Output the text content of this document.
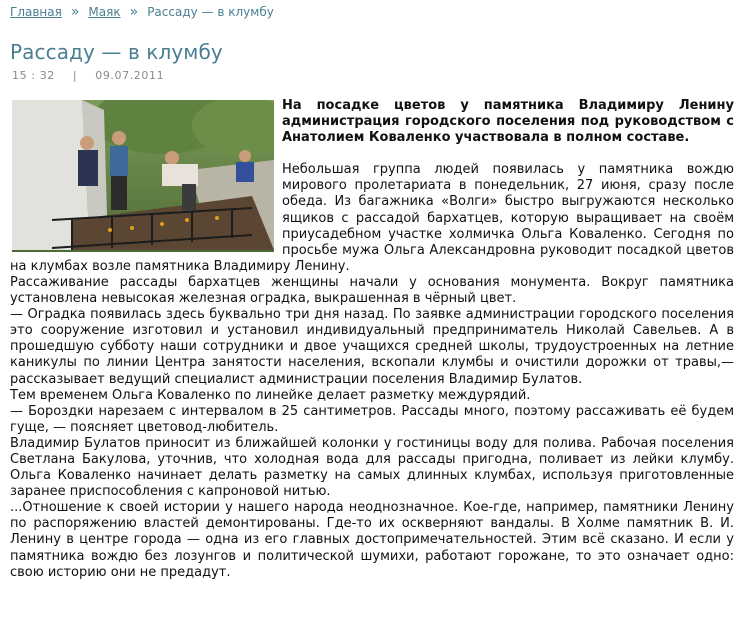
Главная » Маяк » Рассаду — в клумбу
Рассаду — в клумбу
15 : 32 | 09.07.2011

На посадке цветов у памятника Владимиру Ленину администрация городского поселения под руководством с Анатолием Коваленко участвовала в полном составе.

Небольшая группа людей появилась у памятника вождю мирового пролетариата в понедельник, 27 июня, сразу после обеда. Из багажника «Волги» быстро выгружаются несколько ящиков с рассадой бархатцев, которую выращивает на своём приусадебном участке холмичка Ольга Коваленко. Сегодня по просьбе мужа Ольга Александровна руководит посадкой цветов на клумбах возле памятника Владимиру Ленину.

Рассаживание рассады бархатцев женщины начали у основания монумента. Вокруг памятника установлена невысокая железная оградка, выкрашенная в чёрный цвет.

— Оградка появилась здесь буквально три дня назад. По заявке администрации городского поселения это сооружение изготовил и установил индивидуальный предприниматель Николай Савельев. А в прошедшую субботу наши сотрудники и двое учащихся средней школы, трудоустроенных на летние каникулы по линии Центра занятости населения, вскопали клумбы и очистили дорожки от травы,— рассказывает ведущий специалист администрации поселения Владимир Булатов.

Тем временем Ольга Коваленко по линейке делает разметку междурядий.

— Бороздки нарезаем с интервалом в 25 сантиметров. Рассады много, поэтому рассаживать её будем гуще, — поясняет цветовод-любитель.

Владимир Булатов приносит из ближайшей колонки у гостиницы воду для полива. Рабочая поселения Светлана Бакулова, уточнив, что холодная вода для рассады пригодна, поливает из лейки клумбу. Ольга Коваленко начинает делать разметку на самых длинных клумбах, используя приготовленные заранее приспособления с капроновой нитью.

...Отношение к своей истории у нашего народа неоднозначное. Кое-где, например, памятники Ленину по распоряжению властей демонтированы. Где-то их оскверняют вандалы. В Холме памятник В. И. Ленину в центре города — одна из его главных достопримечательностей. Этим всё сказано. И если у памятника вождю без лозунгов и политической шумихи, работают горожане, то это означает одно: свою историю они не предадут.
